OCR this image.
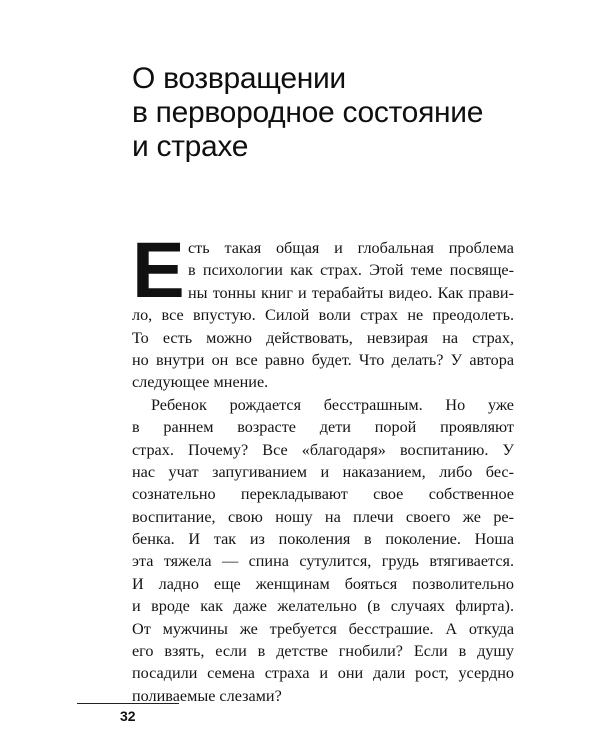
О возвращении
в первородное состояние
и страхе
Е сть такая общая и глобальная проблема
в психологии как страх. Этой теме посвяще-
ны тонны книг и терабайты видео. Как прави-
ло, все впустую. Силой воли страх не преодолеть.
То есть можно действовать, невзирая на страх,
но внутри он все равно будет. Что делать? У автора
следующее мнение.
Ребенок рождается бесстрашным. Но уже
в раннем возрасте дети порой проявляют
страх. Почему? Все «благодаря» воспитанию. У
нас учат запугиванием и наказанием, либо бес-
сознательно перекладывают свое собственное
воспитание, свою ношу на плечи своего же ре-
бенка. И так из поколения в поколение. Ноша
эта тяжела — спина сутулится, грудь втягивается.
И ладно еще женщинам бояться позволительно
и вроде как даже желательно (в случаях флирта).
От мужчины же требуется бесстрашие. А откуда
его взять, если в детстве гнобили? Если в душу
посадили семена страха и они дали рост, усердно
поливаемые слезами?
32
